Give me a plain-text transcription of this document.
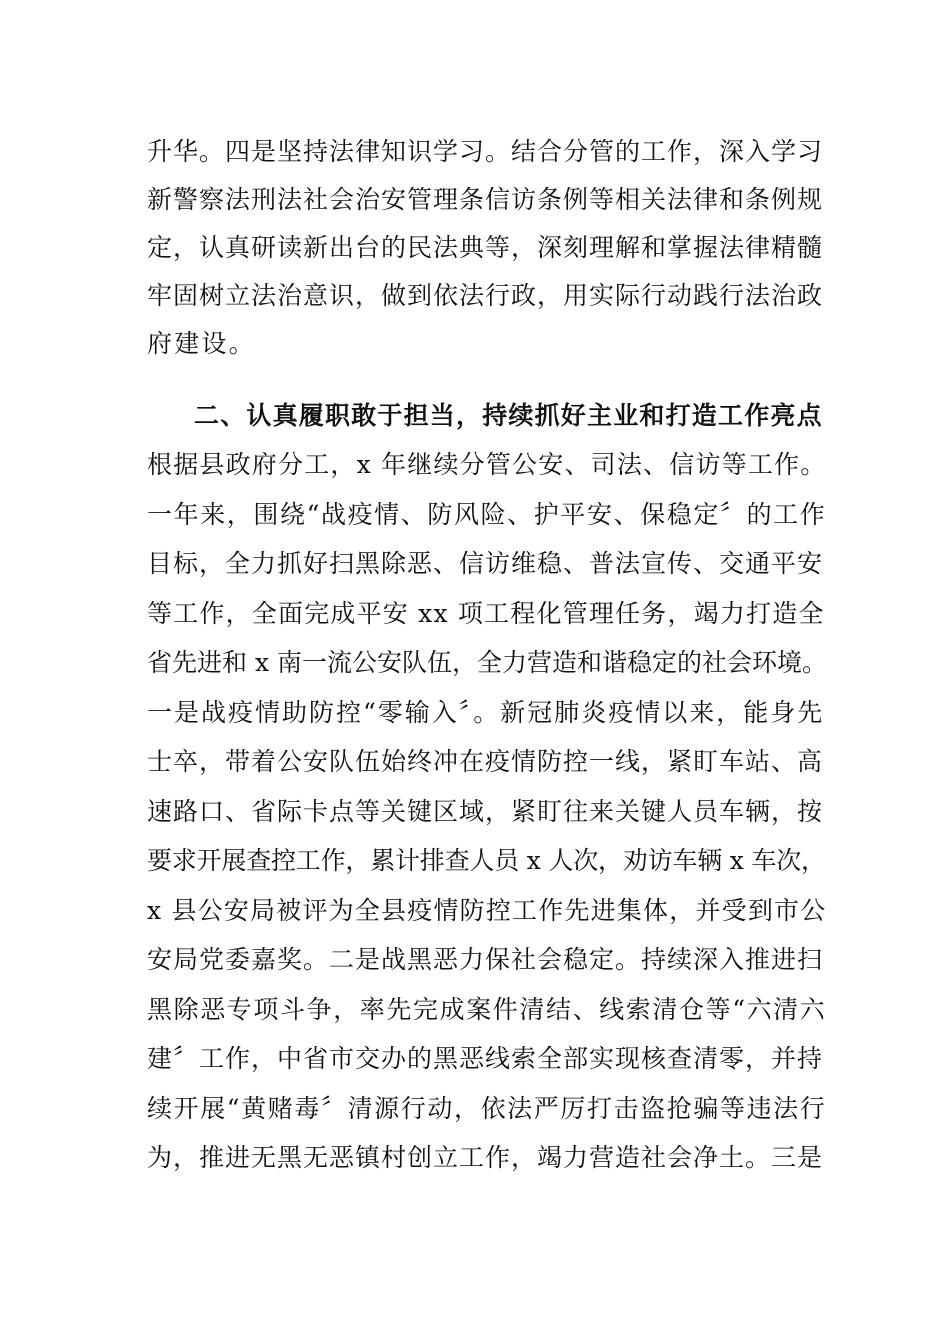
升华。四是坚持法律知识学习。结合分管的工作，深入学习
新警察法刑法社会治安管理条信访条例等相关法律和条例规
定，认真研读新出台的民法典等，深刻理解和掌握法律精髓
牢固树立法治意识，做到依法行政，用实际行动践行法治政
府建设。
二、认真履职敢于担当，持续抓好主业和打造工作亮点
根据县政府分工，x 年继续分管公安、司法、信访等工作。
一年来，围绕“战疫情、防风险、护平安、保稳定〞的工作
目标，全力抓好扫黑除恶、信访维稳、普法宣传、交通平安
等工作，全面完成平安 xx 项工程化管理任务，竭力打造全
省先进和 x 南一流公安队伍，全力营造和谐稳定的社会环境。
一是战疫情助防控“零输入〞。新冠肺炎疫情以来，能身先
士卒，带着公安队伍始终冲在疫情防控一线，紧盯车站、高
速路口、省际卡点等关键区域，紧盯往来关键人员车辆，按
要求开展查控工作，累计排查人员 x 人次，劝访车辆 x 车次，
x 县公安局被评为全县疫情防控工作先进集体，并受到市公
安局党委嘉奖。二是战黑恶力保社会稳定。持续深入推进扫
黑除恶专项斗争，率先完成案件清结、线索清仓等“六清六
建〞工作，中省市交办的黑恶线索全部实现核查清零，并持
续开展“黄赌毒〞清源行动，依法严厉打击盗抢骗等违法行
为，推进无黑无恶镇村创立工作，竭力营造社会净土。三是
